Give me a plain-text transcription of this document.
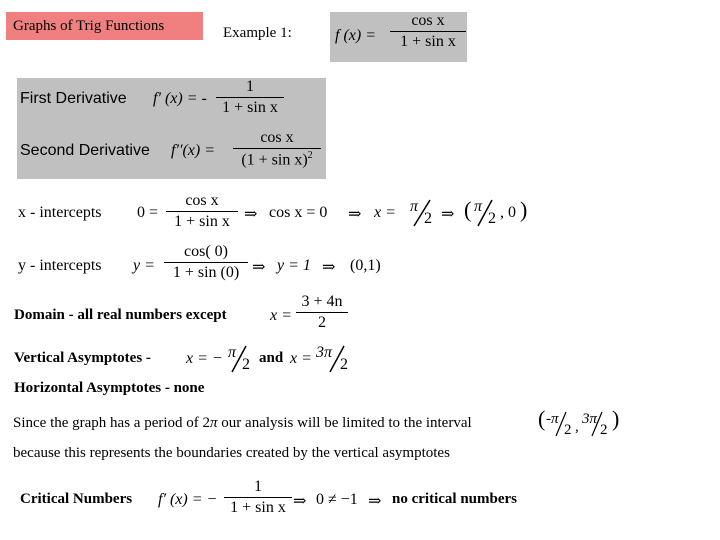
Graphs of Trig Functions	Example 1:	f (x) =
cos x
1 + sin x
First Derivative f′ (x) = -
1
1 + sin x
Second Derivative f′′(x) =
cos x
$(1 + \sin x)^2$
x - intercepts 0 =
cos x
1 + sin x ⇒ cos x = 0 ⇒ x = π
2 ⇒ ( π
2 , 0 )
y - intercepts y =
cos( 0)
1 + sin (0) ⇒ y = 1 ⇒ (0,1)
Domain - all real numbers except	x =
3 + 4n
2
Vertical Asymptotes - x = − π
2 and x = 3π
2
Horizontal Asymptotes - none
Since the graph has a period of 2π our analysis will be limited to the interval	( -π
2 , 3π
2 )
because this represents the boundaries created by the vertical asymptotes
Critical Numbers f′ (x) = −
1
1 + sin x ⇒ 0 ≠ −1 ⇒ no critical numbers
